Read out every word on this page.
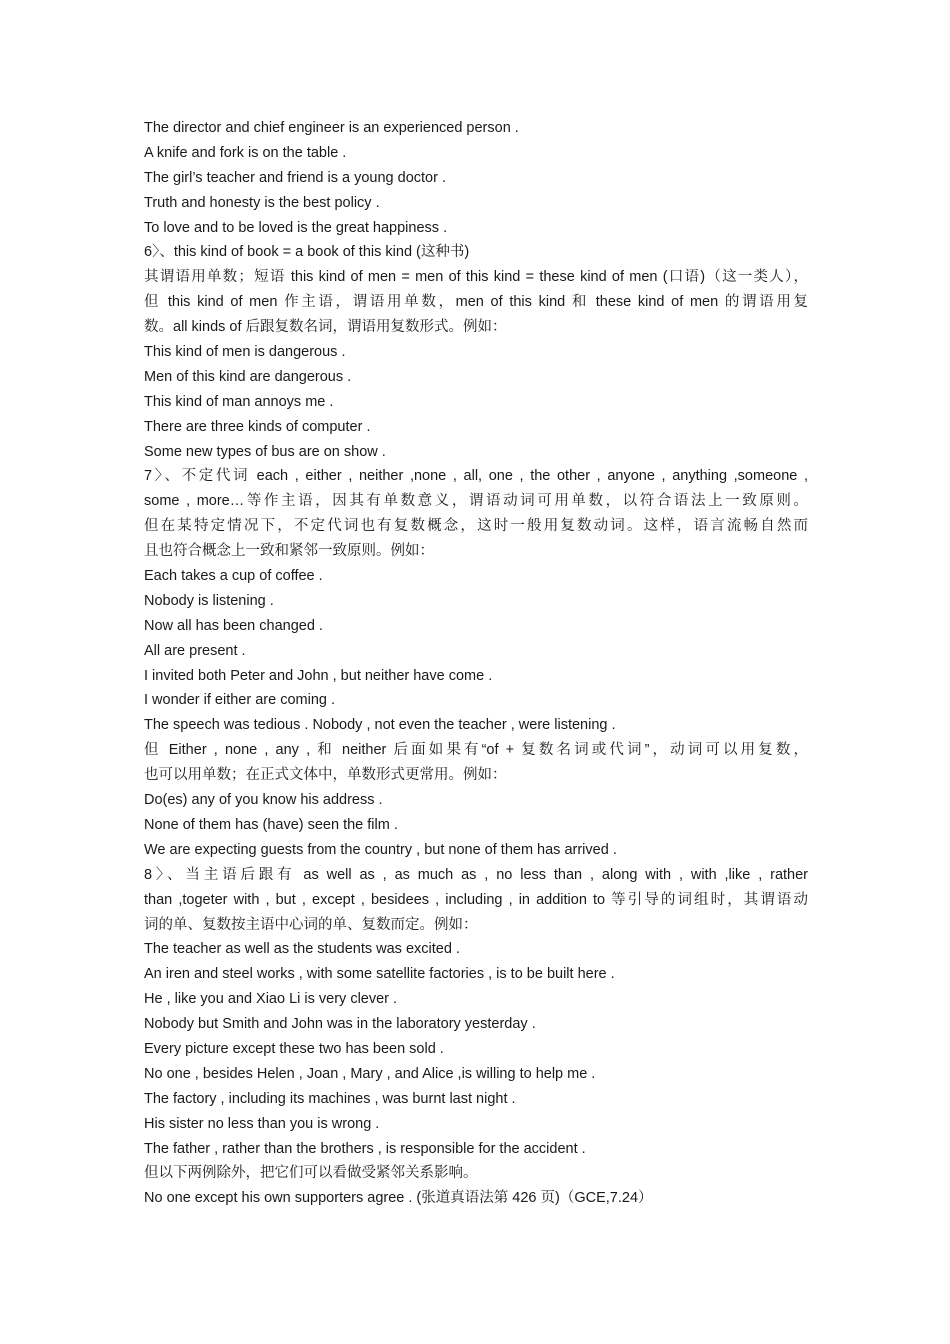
The director and chief engineer is an experienced person .
A knife and fork is on the table .
The girl’s teacher and friend is a young doctor .
Truth and honesty is the best policy .
To love and to be loved is the great happiness .
6〉、this kind of book = a book of this kind (这种书)
其谓语用单数；短语 this kind of men = men of this kind = these kind of men (口语)（这一类人），
但 this kind of men 作主语，谓语用单数，men of this kind 和 these kind of men 的谓语用复
数。all kinds of 后跟复数名词，谓语用复数形式。例如：
This kind of men is dangerous .
Men of this kind are dangerous .
This kind of man annoys me .
There are three kinds of computer .
Some new types of bus are on show .
7〉、不定代词 each , either , neither ,none , all, one , the other , anyone , anything ,someone ,
some , more…等作主语，因其有单数意义，谓语动词可用单数，以符合语法上一致原则。
但在某特定情况下，不定代词也有复数概念，这时一般用复数动词。这样，语言流畅自然而
且也符合概念上一致和紧邻一致原则。例如：
Each takes a cup of coffee .
Nobody is listening .
Now all has been changed .
All are present .
I invited both Peter and John , but neither have come .
I wonder if either are coming .
The speech was tedious . Nobody , not even the teacher , were listening .
但 Either , none , any , 和 neither 后面如果有“of + 复数名词或代词”，动词可以用复数，
也可以用单数；在正式文体中，单数形式更常用。例如：
Do(es) any of you know his address .
None of them has (have) seen the film .
We are expecting guests from the country , but none of them has arrived .
8〉、当主语后跟有 as well as , as much as , no less than , along with , with ,like , rather
than ,togeter with , but , except , besidees , including , in addition to 等引导的词组时，其谓语动
词的单、复数按主语中心词的单、复数而定。例如：
The teacher as well as the students was excited .
An iren and steel works , with some satellite factories , is to be built here .
He , like you and Xiao Li is very clever .
Nobody but Smith and John was in the laboratory yesterday .
Every picture except these two has been sold .
No one , besides Helen , Joan , Mary , and Alice ,is willing to help me .
The factory , including its machines , was burnt last night .
His sister no less than you is wrong .
The father , rather than the brothers , is responsible for the accident .
但以下两例除外，把它们可以看做受紧邻关系影响。
No one except his own supporters agree . (张道真语法第 426 页)（GCE,7.24）
